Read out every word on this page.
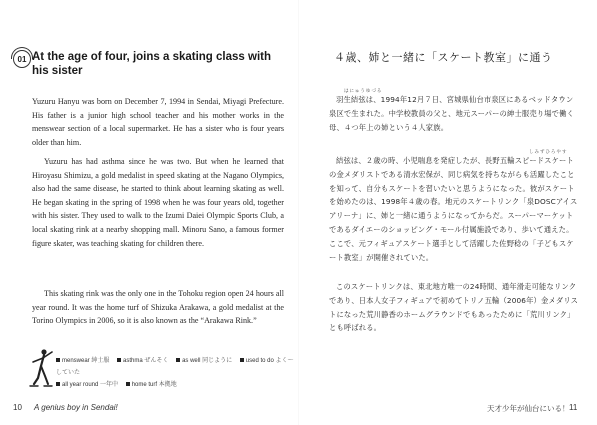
01 At the age of four, joins a skating class with his sister

Yuzuru Hanyu was born on December 7, 1994 in Sendai, Miyagi Prefecture. His father is a junior high school teacher and his mother works in the menswear section of a local supermarket. He has a sister who is four years older than him.

Yuzuru has had asthma since he was two. But when he learned that Hiroyasu Shimizu, a gold medalist in speed skating at the Nagano Olympics, also had the same disease, he started to think about learning skating as well. He began skating in the spring of 1998 when he was four years old, together with his sister. They used to walk to the Izumi Daiei Olympic Sports Club, a local skating rink at a nearby shopping mall. Minoru Sano, a famous former figure skater, was teaching skating for children there.

This skating rink was the only one in the Tohoku region open 24 hours all year round. It was the home turf of Shizuka Arakawa, a gold medalist at the Torino Olympics in 2006, so it is also known as the “Arakawa Rink.”

menswear 紳士服 asthma ぜんそく as well 同じように used to do よく～していた
all year round 一年中 home turf 本拠地
10 A genius boy in Sendai!
４歳、姉と一緒に「スケート教室」に通う
はにゅうゆづる
しみずひろやす

羽生結弦は、1994年12月７日、宮城県仙台市泉区にあるベッドタウン泉区で生まれた。中学校教員の父と、地元スーパーの紳士服売り場で働く母、４つ年上の姉という４人家族。

結弦は、２歳の時、小児喘息を発症したが、長野五輪スピードスケートの金メダリストである清水宏保が、同じ病気を持ちながらも活躍したことを知って、自分もスケートを習いたいと思うようになった。彼がスケートを始めたのは、1998年４歳の春。地元のスケートリンク「泉DOSCアイスアリーナ」に、姉と一緒に通うようになってからだ。スーパーマーケットであるダイエーのショッピング・モール付属施設であり、歩いて通えた。ここで、元フィギュアスケート選手として活躍した佐野稔の「子どもスケート教室」が開催されていた。

このスケートリンクは、東北地方唯一の24時間、通年滑走可能なリンクであり、日本人女子フィギュアで初めてトリノ五輪（2006年）金メダリストになった荒川静香のホームグラウンドでもあったために「荒川リンク」とも呼ばれる。

天才少年が仙台にいる！ 11
